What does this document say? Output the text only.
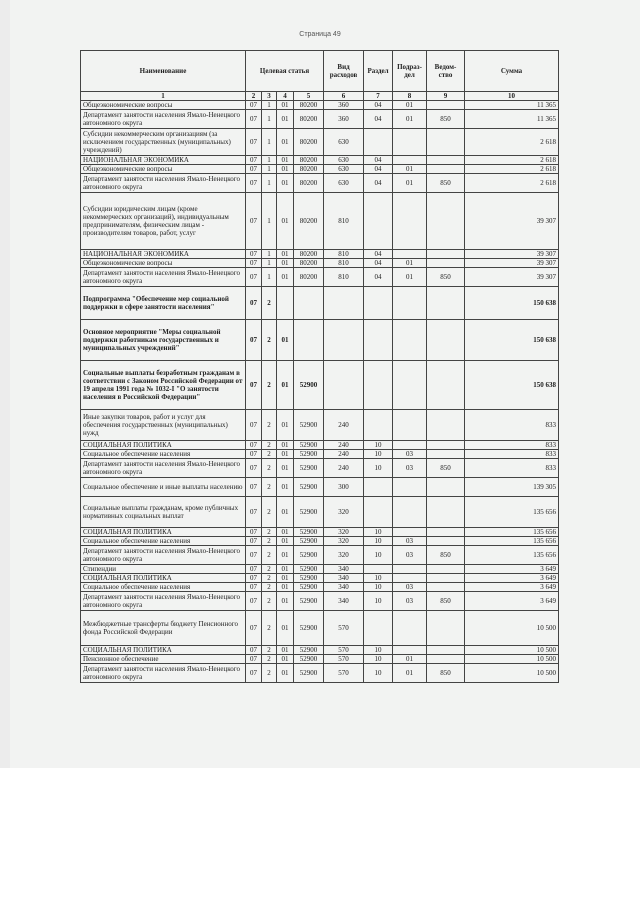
Страница 49
Наименование	Целевая статья				Вид расходов	Раздел	Подраз-дел	Ведом-ство	Сумма
1	2	3	4	5	6	7	8	9	10
Общеэкономические вопросы	07	1	01	80200	360	04	01		11 365
Департамент занятости населения Ямало-Ненецкого автономного округа	07	1	01	80200	360	04	01	850	11 365
Субсидии некоммерческим организациям (за исключением государственных (муниципальных) учреждений)	07	1	01	80200	630				2 618
НАЦИОНАЛЬНАЯ ЭКОНОМИКА	07	1	01	80200	630	04			2 618
Общеэкономические вопросы	07	1	01	80200	630	04	01		2 618
Департамент занятости населения Ямало-Ненецкого автономного округа	07	1	01	80200	630	04	01	850	2 618
Субсидии юридическим лицам (кроме некоммерческих организаций), индивидуальным предпринимателям, физическим лицам - производителям товаров, работ, услуг	07	1	01	80200	810				39 307
НАЦИОНАЛЬНАЯ ЭКОНОМИКА	07	1	01	80200	810	04			39 307
Общеэкономические вопросы	07	1	01	80200	810	04	01		39 307
Департамент занятости населения Ямало-Ненецкого автономного округа	07	1	01	80200	810	04	01	850	39 307
Подпрограмма "Обеспечение мер социальной поддержки в сфере занятости населения"	07	2							150 638
Основное мероприятие "Меры социальной поддержки работникам государственных и муниципальных учреждений"	07	2	01						150 638
Социальные выплаты безработным гражданам в соответствии с Законом Российской Федерации от 19 апреля 1991 года № 1032-I "О занятости населения в Российской Федерации"	07	2	01	52900					150 638
Иные закупки товаров, работ и услуг для обеспечения государственных (муниципальных) нужд	07	2	01	52900	240				833
СОЦИАЛЬНАЯ ПОЛИТИКА	07	2	01	52900	240	10			833
Социальное обеспечение населения	07	2	01	52900	240	10	03		833
Департамент занятости населения Ямало-Ненецкого автономного округа	07	2	01	52900	240	10	03	850	833
Социальное обеспечение и иные выплаты населению	07	2	01	52900	300				139 305
Социальные выплаты гражданам, кроме публичных нормативных социальных выплат	07	2	01	52900	320				135 656
СОЦИАЛЬНАЯ ПОЛИТИКА	07	2	01	52900	320	10			135 656
Социальное обеспечение населения	07	2	01	52900	320	10	03		135 656
Департамент занятости населения Ямало-Ненецкого автономного округа	07	2	01	52900	320	10	03	850	135 656
Стипендии	07	2	01	52900	340				3 649
СОЦИАЛЬНАЯ ПОЛИТИКА	07	2	01	52900	340	10			3 649
Социальное обеспечение населения	07	2	01	52900	340	10	03		3 649
Департамент занятости населения Ямало-Ненецкого автономного округа	07	2	01	52900	340	10	03	850	3 649
Межбюджетные трансферты бюджету Пенсионного фонда Российской Федерации	07	2	01	52900	570				10 500
СОЦИАЛЬНАЯ ПОЛИТИКА	07	2	01	52900	570	10			10 500
Пенсионное обеспечение	07	2	01	52900	570	10	01		10 500
Департамент занятости населения Ямало-Ненецкого автономного округа	07	2	01	52900	570	10	01	850	10 500
